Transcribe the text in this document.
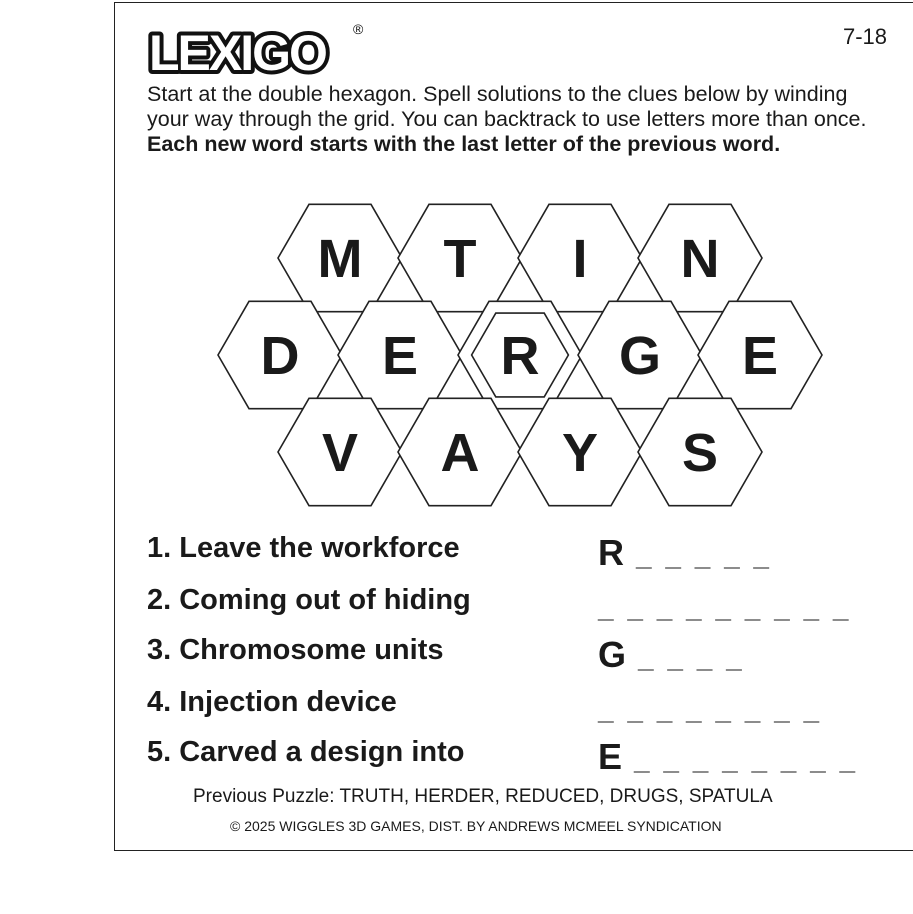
LEXIGO ®	7-18
Start at the double hexagon. Spell solutions to the clues below by winding your way through the grid. You can backtrack to use letters more than once. Each new word starts with the last letter of the previous word.
M T I N
D E R G E
V A Y S
1. Leave the workforce	R _ _ _ _ _
2. Coming out of hiding	_ _ _ _ _ _ _ _ _
3. Chromosome units	G _ _ _ _
4. Injection device	_ _ _ _ _ _ _ _
5. Carved a design into	E _ _ _ _ _ _ _ _
Previous Puzzle: TRUTH, HERDER, REDUCED, DRUGS, SPATULA
© 2025 WIGGLES 3D GAMES, DIST. BY ANDREWS MCMEEL SYNDICATION
